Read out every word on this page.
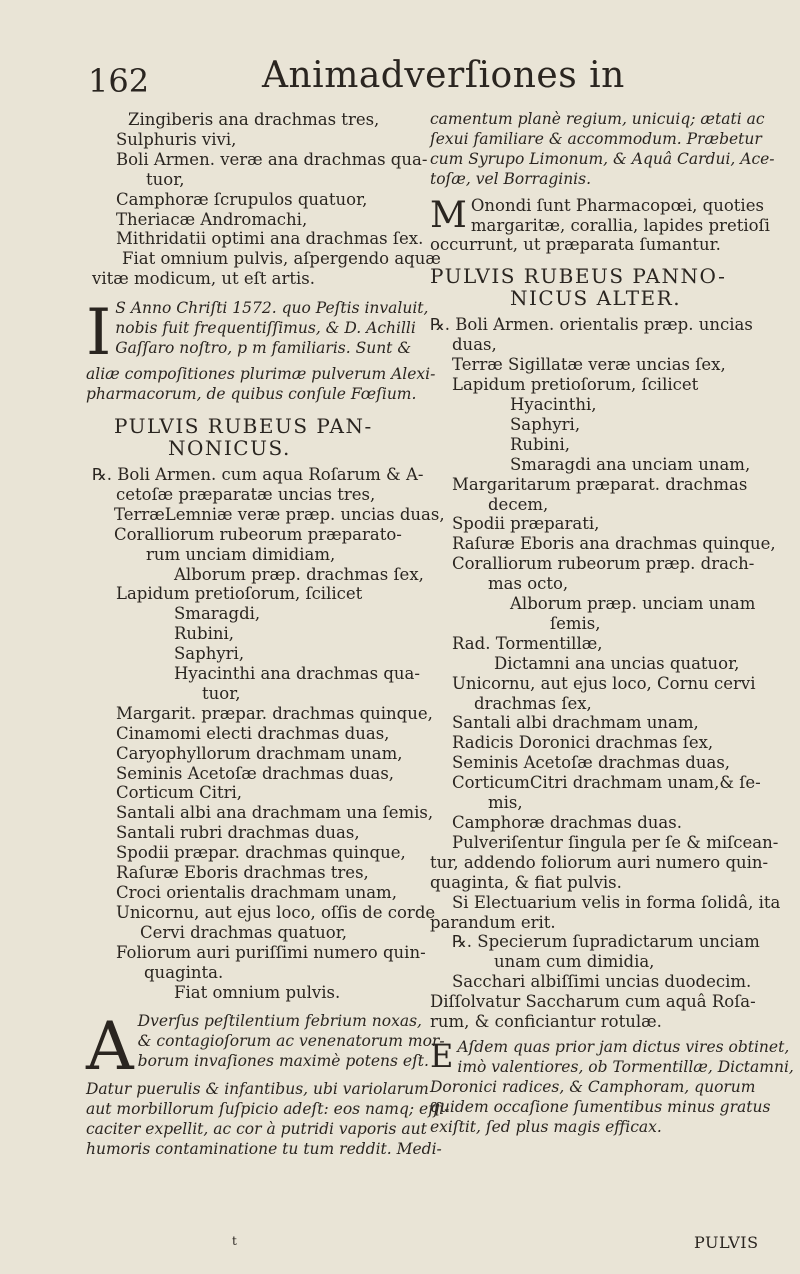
162	Animadverſiones in
Zingiberis ana drachmas tres,
Sulphuris vivi,
Boli Armen. veræ ana drachmas qua-
tuor,
Camphoræ ſcrupulos quatuor,
Theriacæ Andromachi,
Mithridatii optimi ana drachmas ſex.
Fiat omnium pulvis, aſpergendo aquæ
vitæ modicum, ut eſt artis.
I S Anno Chriſti 1572. quo Peſtis invaluit,
nobis fuit frequentiſſimus, & D. Achilli
Gaſſaro noſtro, p m familiaris. Sunt &
aliæ compoſitiones plurimæ pulverum Alexi-
pharmacorum, de quibus conſule Fœſium.
PULVIS RUBEUS PAN-
NONICUS.
℞. Boli Armen. cum aqua Roſarum & A-
cetoſæ præparatæ uncias tres,
TerræLemniæ veræ præp. uncias duas,
Coralliorum rubeorum præparato-
rum unciam dimidiam,
Alborum præp. drachmas ſex,
Lapidum pretioſorum, ſcilicet
Smaragdi,
Rubini,
Saphyri,
Hyacinthi ana drachmas qua-
tuor,
Margarit. præpar. drachmas quinque,
Cinamomi electi drachmas duas,
Caryophyllorum drachmam unam,
Seminis Acetoſæ drachmas duas,
Corticum Citri,
Santali albi ana drachmam una ſemis,
Santali rubri drachmas duas,
Spodii præpar. drachmas quinque,
Raſuræ Eboris drachmas tres,
Croci orientalis drachmam unam,
Unicornu, aut ejus loco, oſſis de corde
Cervi drachmas quatuor,
Foliorum auri puriſſimi numero quin-
quaginta.
Fiat omnium pulvis.
A Dverſus peſtilentium febrium noxas,
& contagioſorum ac venenatorum mor-
borum invaſiones maximè potens eſt.
Datur puerulis & infantibus, ubi variolarum
aut morbillorum ſuſpicio adeſt: eos namq; effi-
caciter expellit, ac cor à putridi vaporis aut
humoris contaminatione tu tum reddit. Medi-
camentum planè regium, unicuiq; ætati ac
ſexui familiare & accommodum. Præbetur
cum Syrupo Limonum, & Aquâ Cardui, Ace-
toſæ, vel Borraginis.
M Onondi ſunt Pharmacopœi, quoties
margaritæ, corallia, lapides pretioſi
occurrunt, ut præparata ſumantur.
PULVIS RUBEUS PANNO-
NICUS ALTER.
℞. Boli Armen. orientalis præp. uncias
duas,
Terræ Sigillatæ veræ uncias ſex,
Lapidum pretioſorum, ſcilicet
Hyacinthi,
Saphyri,
Rubini,
Smaragdi ana unciam unam,
Margaritarum præparat. drachmas
decem,
Spodii præparati,
Raſuræ Eboris ana drachmas quinque,
Coralliorum rubeorum præp. drach-
mas octo,
Alborum præp. unciam unam
ſemis,
Rad. Tormentillæ,
Dictamni ana uncias quatuor,
Unicornu, aut ejus loco, Cornu cervi
drachmas ſex,
Santali albi drachmam unam,
Radicis Doronici drachmas ſex,
Seminis Acetoſæ drachmas duas,
CorticumCitri drachmam unam,& ſe-
mis,
Camphoræ drachmas duas.
Pulveriſentur ſingula per ſe & miſcean-
tur, addendo foliorum auri numero quin-
quaginta, & fiat pulvis.
Si Electuarium velis in forma ſolidâ, ita
parandum erit.
℞. Specierum ſupradictarum unciam
unam cum dimidia,
Sacchari albiſſimi uncias duodecim.
Diſſolvatur Saccharum cum aquâ Roſa-
rum, & conficiantur rotulæ.
E Aſdem quas prior jam dictus vires obtinet,
imò valentiores, ob Tormentillæ, Dictamni,
Doronici radices, & Camphoram, quorum
quidem occaſione ſumentibus minus gratus
exiſtit, ſed plus magis efficax.
t	PULVIS
